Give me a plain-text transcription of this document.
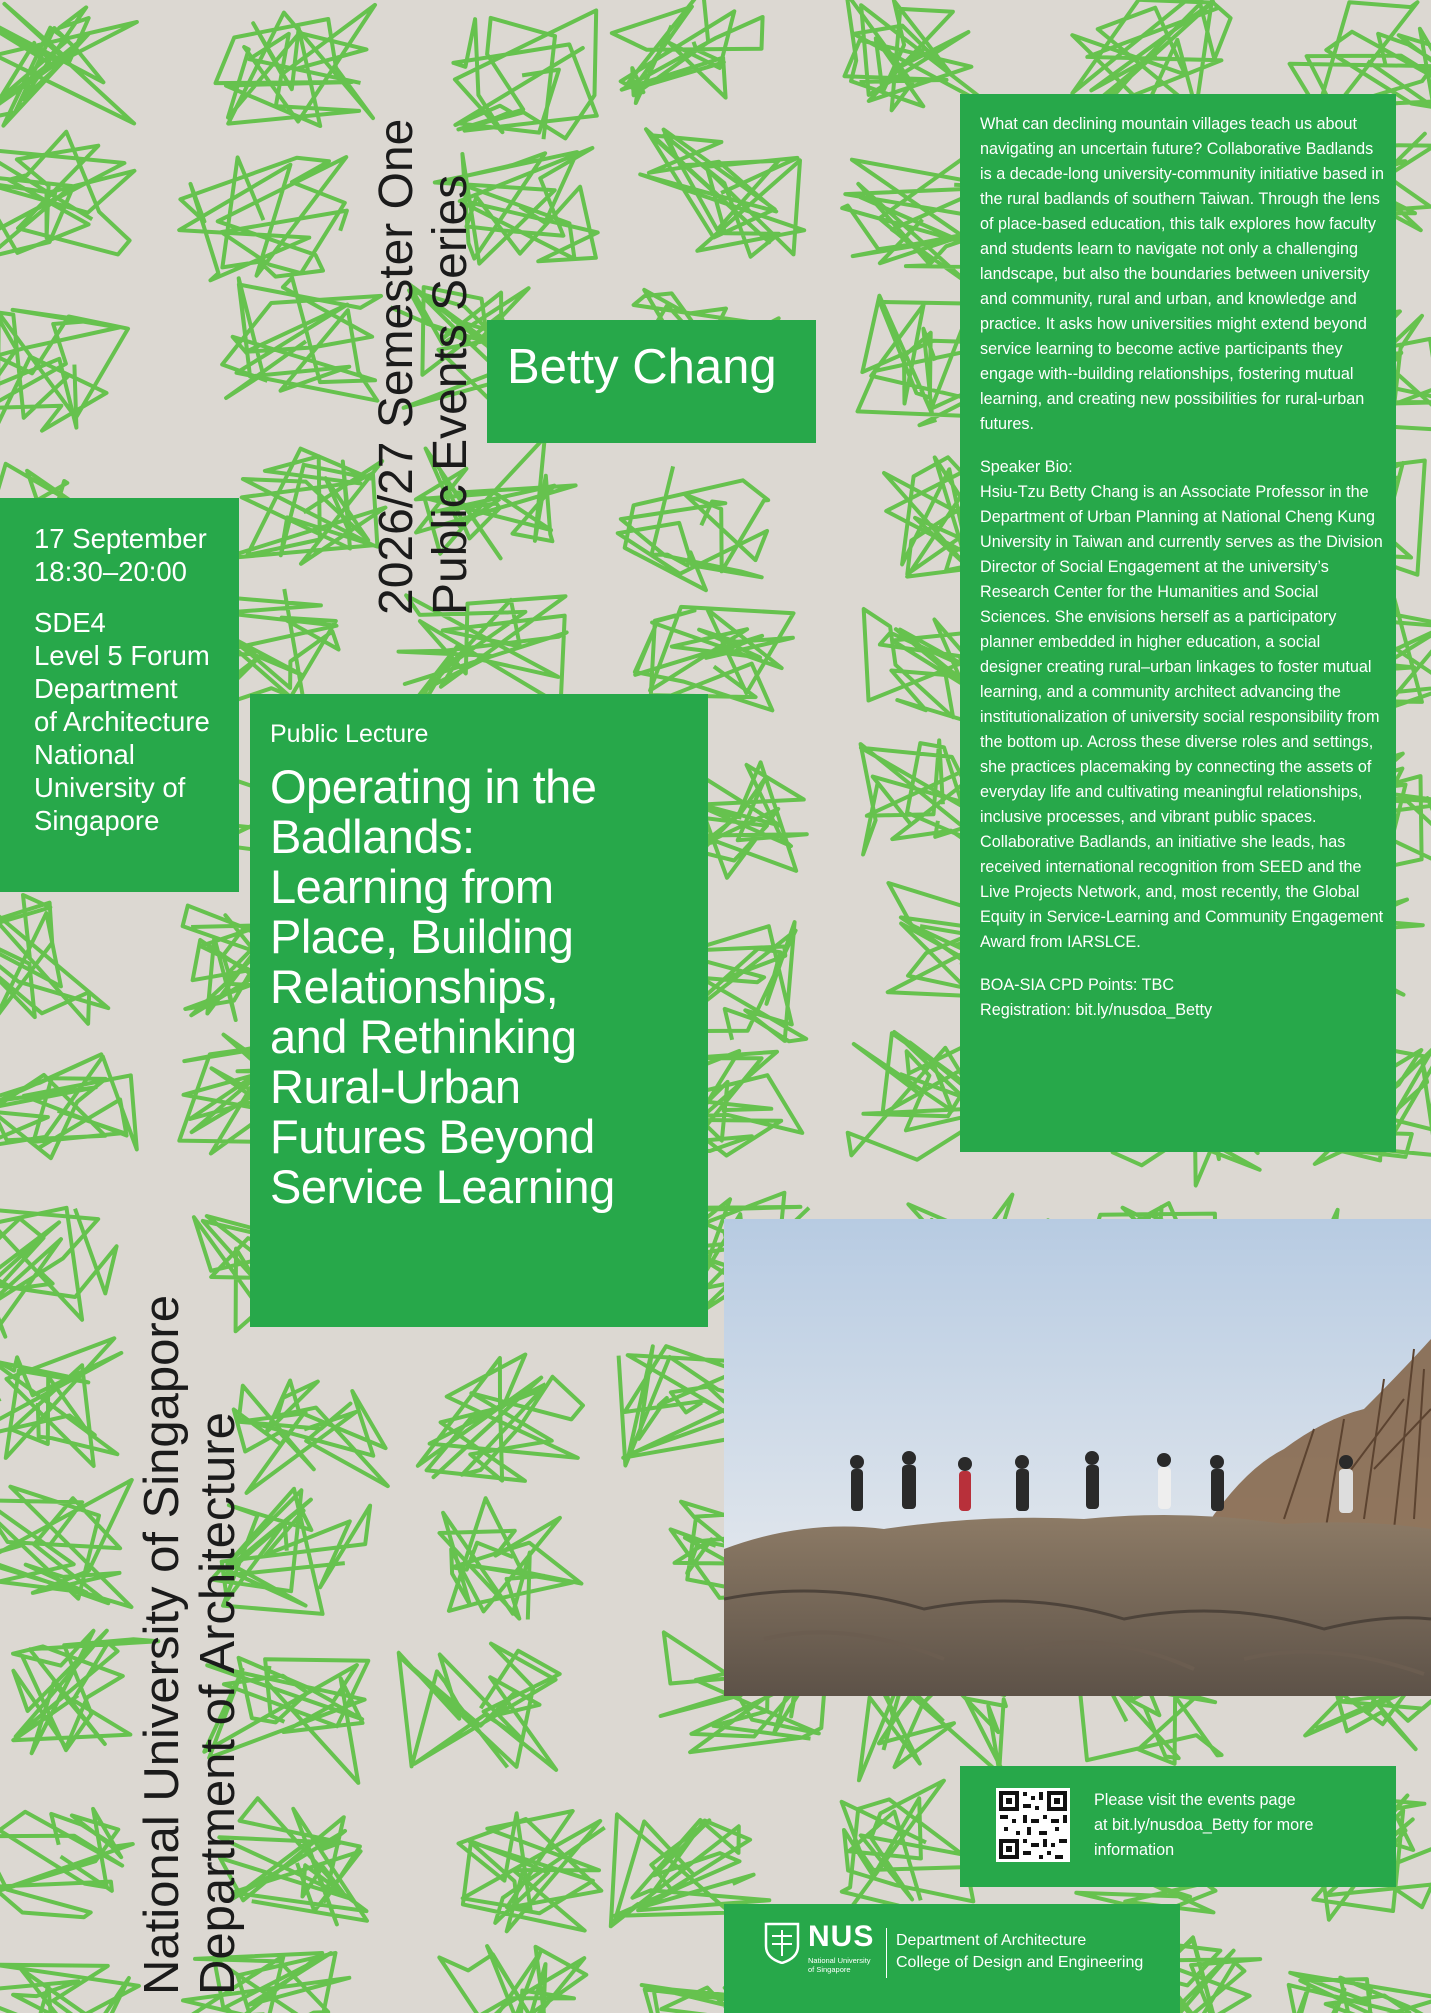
2026/27 Semester One Public Events Series
National University of Singapore Department of Architecture
Betty Chang
17 September
18:30–20:00
SDE4
Level 5 Forum
Department
of Architecture
National
University of
Singapore
Public Lecture
Operating in the
Badlands:
Learning from
Place, Building
Relationships,
and Rethinking
Rural-Urban
Futures Beyond
Service Learning
What can declining mountain villages teach us about navigating an uncertain future? Collaborative Badlands is a decade-long university-community initiative based in the rural badlands of southern Taiwan. Through the lens of place-based education, this talk explores how faculty and students learn to navigate not only a challenging landscape, but also the boundaries between university and community, rural and urban, and knowledge and practice. It asks how universities might extend beyond service learning to become active participants they engage with--building relationships, fostering mutual learning, and creating new possibilities for rural-urban futures.
Speaker Bio:
Hsiu-Tzu Betty Chang is an Associate Professor in the Department of Urban Planning at National Cheng Kung University in Taiwan and currently serves as the Division Director of Social Engagement at the university’s Research Center for the Humanities and Social Sciences. She envisions herself as a participatory planner embedded in higher education, a social designer creating rural–urban linkages to foster mutual learning, and a community architect advancing the institutionalization of university social responsibility from the bottom up. Across these diverse roles and settings, she practices placemaking by connecting the assets of everyday life and cultivating meaningful relationships, inclusive processes, and vibrant public spaces. Collaborative Badlands, an initiative she leads, has received international recognition from SEED and the Live Projects Network, and, most recently, the Global Equity in Service-Learning and Community Engagement Award from IARSLCE.
BOA-SIA CPD Points: TBC
Registration: bit.ly/nusdoa_Betty
Please visit the events page
at bit.ly/nusdoa_Betty for more
information
NUS
National University of Singapore
Department of Architecture
College of Design and Engineering
